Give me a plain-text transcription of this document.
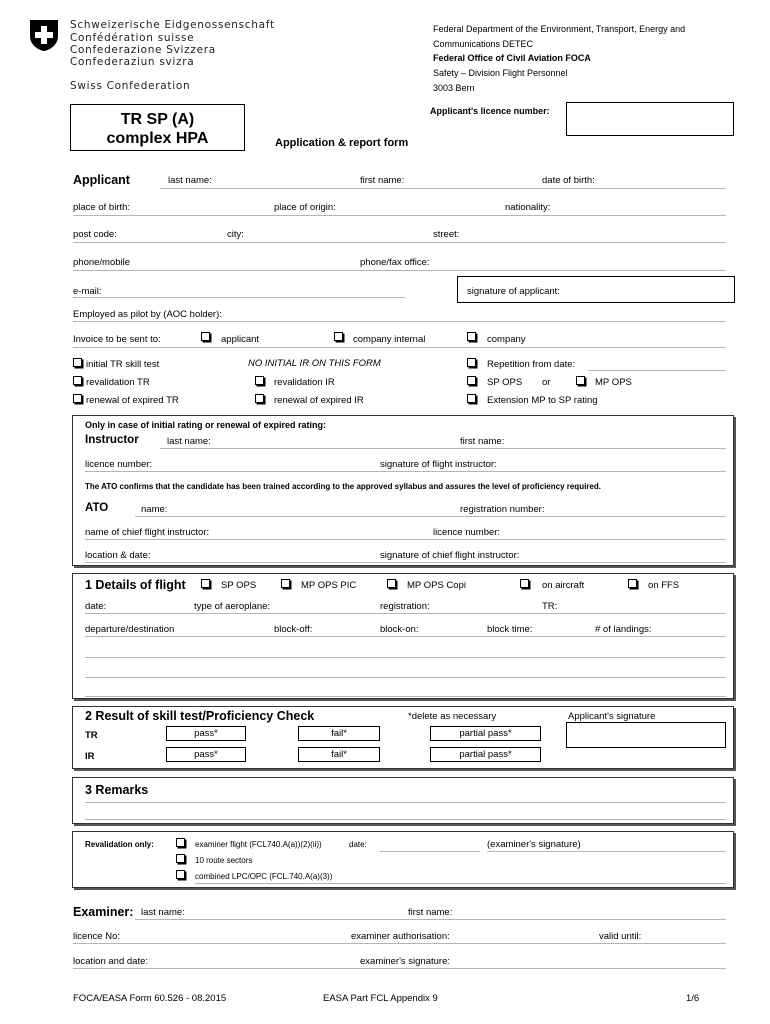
Schweizerische Eidgenossenschaft
Confédération suisse
Confederazione Svizzera
Confederaziun svizra
Swiss Confederation
Federal Department of the Environment, Transport, Energy and
Communications DETEC
Federal Office of Civil Aviation FOCA
Safety – Division Flight Personnel
3003 Bern
Applicant's licence number:
TR SP (A)
complex HPA	Application & report form
Applicant	last name:	first name:	date of birth:
place of birth:	place of origin:	nationality:
post code:	city:	street:
phone/mobile	phone/fax office:
e-mail:	signature of applicant:
Employed as pilot by (AOC holder):
Invoice to be sent to:	applicant	company internal	company
initial TR skill test	NO INITIAL IR ON THIS FORM	Repetition from date:
revalidation TR	revalidation IR	SP OPS or	MP OPS
renewal of expired TR	renewal of expired IR	Extension MP to SP rating
Only in case of initial rating or renewal of expired rating:
Instructor	last name:	first name:
licence number:	signature of flight instructor:
The ATO confirms that the candidate has been trained according to the approved syllabus and assures the level of proficiency required.
ATO	name:	registration number:
name of chief flight instructor:	licence number:
location & date:	signature of chief flight instructor:
1 Details of flight	SP OPS	MP OPS PIC	MP OPS Copi	on aircraft	on FFS
date:	type of aeroplane:	registration:	TR:
departure/destination	block-off:	block-on:	block time:	# of landings:
2 Result of skill test/Proficiency Check	*delete as necessary	Applicant's signature
TR	pass*	fail*	partial pass*
IR	pass*	fail*	partial pass*
3 Remarks
Revalidation only:	examiner flight (FCL740.A(a))(2)(ii))	date:	(examiner's signature)
10 route sectors
combined LPC/OPC (FCL.740.A(a)(3))
Examiner: last name:	first name:
licence No:	examiner authorisation:	valid until:
location and date:	examiner's signature:
FOCA/EASA Form 60.526 - 08.2015	EASA Part FCL Appendix 9	1/6
